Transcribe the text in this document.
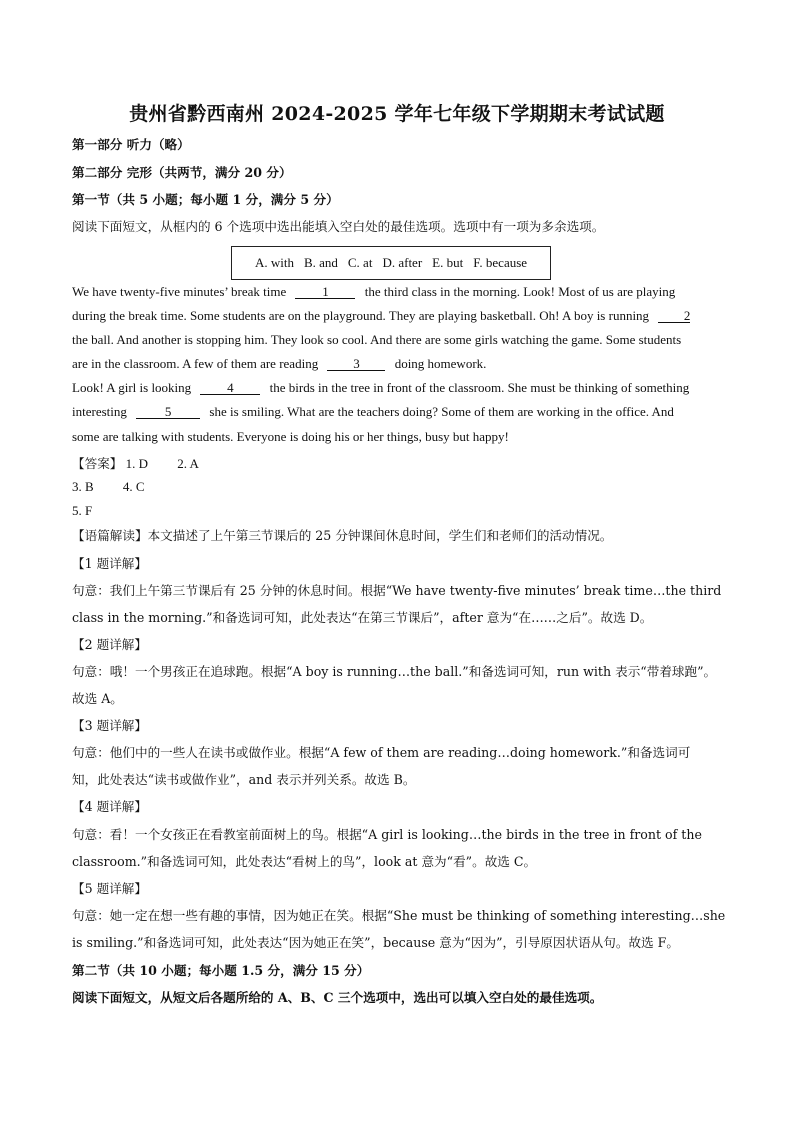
贵州省黔西南州 2024-2025 学年七年级下学期期末考试试题
第一部分 听力（略）
第二部分 完形（共两节，满分 20 分）
第一节（共 5 小题；每小题 1 分，满分 5 分）
阅读下面短文，从框内的 6 个选项中选出能填入空白处的最佳选项。选项中有一项为多余选项。
A. with B. and C. at D. after E. but F. because
We have twenty-five minutes’ break time	1	the third class in the morning. Look! Most of us are playing
during the break time. Some students are on the playground. They are playing basketball. Oh! A boy is running	2
the ball. And another is stopping him. They look so cool. And there are some girls watching the game. Some students
are in the classroom. A few of them are reading	3	doing homework.
Look! A girl is looking	4	the birds in the tree in front of the classroom. She must be thinking of something
interesting	5	she is smiling. What are the teachers doing? Some of them are working in the office. And
some are talking with students. Everyone is doing his or her things, busy but happy!
【答案】 1. D 2. A
3. B 4. C
5. F
【语篇解读】本文描述了上午第三节课后的 25 分钟课间休息时间，学生们和老师们的活动情况。
【1 题详解】
句意：我们上午第三节课后有 25 分钟的休息时间。根据“We have twenty-five minutes’ break time…the third
class in the morning.”和备选词可知，此处表达“在第三节课后”，after 意为“在……之后”。故选 D。
【2 题详解】
句意：哦！一个男孩正在追球跑。根据“A boy is running…the ball.”和备选词可知，run with 表示“带着球跑”。
故选 A。
【3 题详解】
句意：他们中的一些人在读书或做作业。根据“A few of them are reading…doing homework.”和备选词可
知，此处表达“读书或做作业”，and 表示并列关系。故选 B。
【4 题详解】
句意：看！一个女孩正在看教室前面树上的鸟。根据“A girl is looking…the birds in the tree in front of the
classroom.”和备选词可知，此处表达“看树上的鸟”，look at 意为“看”。故选 C。
【5 题详解】
句意：她一定在想一些有趣的事情，因为她正在笑。根据“She must be thinking of something interesting…she
is smiling.”和备选词可知，此处表达“因为她正在笑”，because 意为“因为”，引导原因状语从句。故选 F。
第二节（共 10 小题；每小题 1.5 分，满分 15 分）
阅读下面短文，从短文后各题所给的 A、B、C 三个选项中，选出可以填入空白处的最佳选项。
